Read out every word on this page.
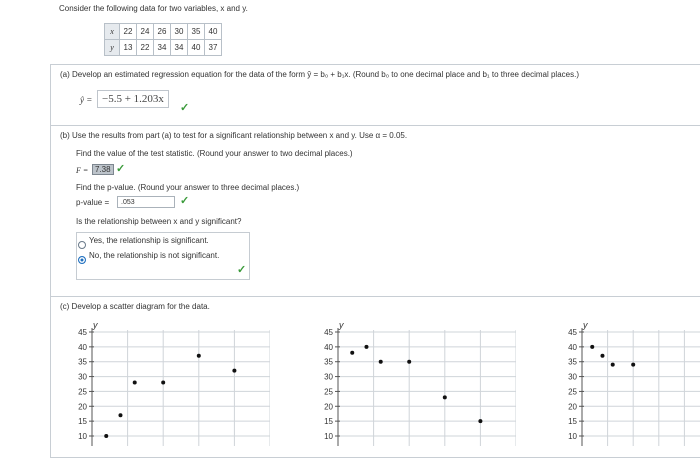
Consider the following data for two variables, x and y.
x	22	24	26	30	35	40
y	13	22	34	34	40	37
(a) Develop an estimated regression equation for the data of the form ŷ = b₀ + b₁x. (Round b₀ to one decimal place and b₁ to three decimal places.)
ŷ = −5.5 + 1.203x
✓
(b) Use the results from part (a) to test for a significant relationship between x and y. Use α = 0.05.
Find the value of the test statistic. (Round your answer to two decimal places.)
F = 7.38 ✓
Find the p-value. (Round your answer to three decimal places.)
p-value =	.053	✓
Is the relationship between x and y significant?
Yes, the relationship is significant.
No, the relationship is not significant.
✓
(c) Develop a scatter diagram for the data.
45
40
35
30
25
20
15
10
y
45
40
35
30
25
20
15
10
y
45
40
35
30
25
20
15
10
y
